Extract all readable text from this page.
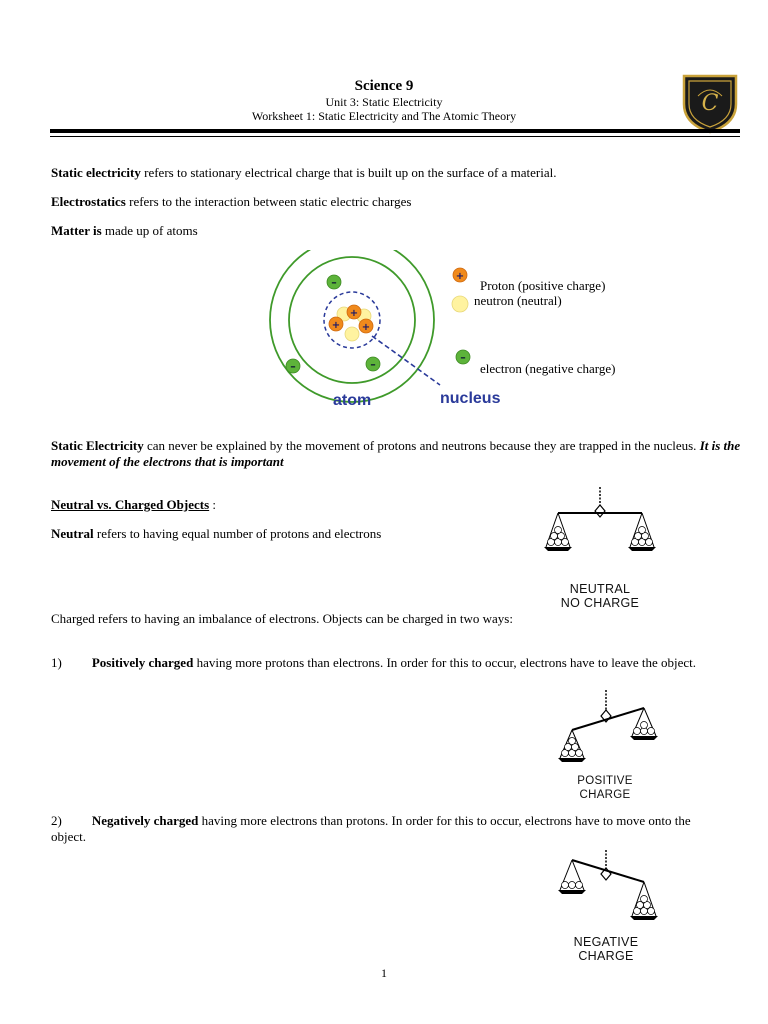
Science 9
Unit 3: Static Electricity
Worksheet 1: Static Electricity and The Atomic Theory	C
Static electricity refers to stationary electrical charge that is built up on the surface of a material.
Electrostatics refers to the interaction between static electric charges
Matter is made up of atoms
+
+ +
–
–	–
+
–
atom	nucleus
Proton (positive charge)
neutron (neutral)
electron (negative charge)
Static Electricity can never be explained by the movement of protons and neutrons because they are trapped in the nucleus. It is the movement of the electrons that is important
Neutral vs. Charged Objects :
Neutral refers to having equal number of protons and electrons
Charged refers to having an imbalance of electrons. Objects can be charged in two ways:
1) Positively charged having more protons than electrons. In order for this to occur, electrons have to leave the object.
2) Negatively charged having more electrons than protons. In order for this to occur, electrons have to move onto the object.
NEUTRAL
NO CHARGE
POSITIVE
CHARGE
NEGATIVE
CHARGE
1
